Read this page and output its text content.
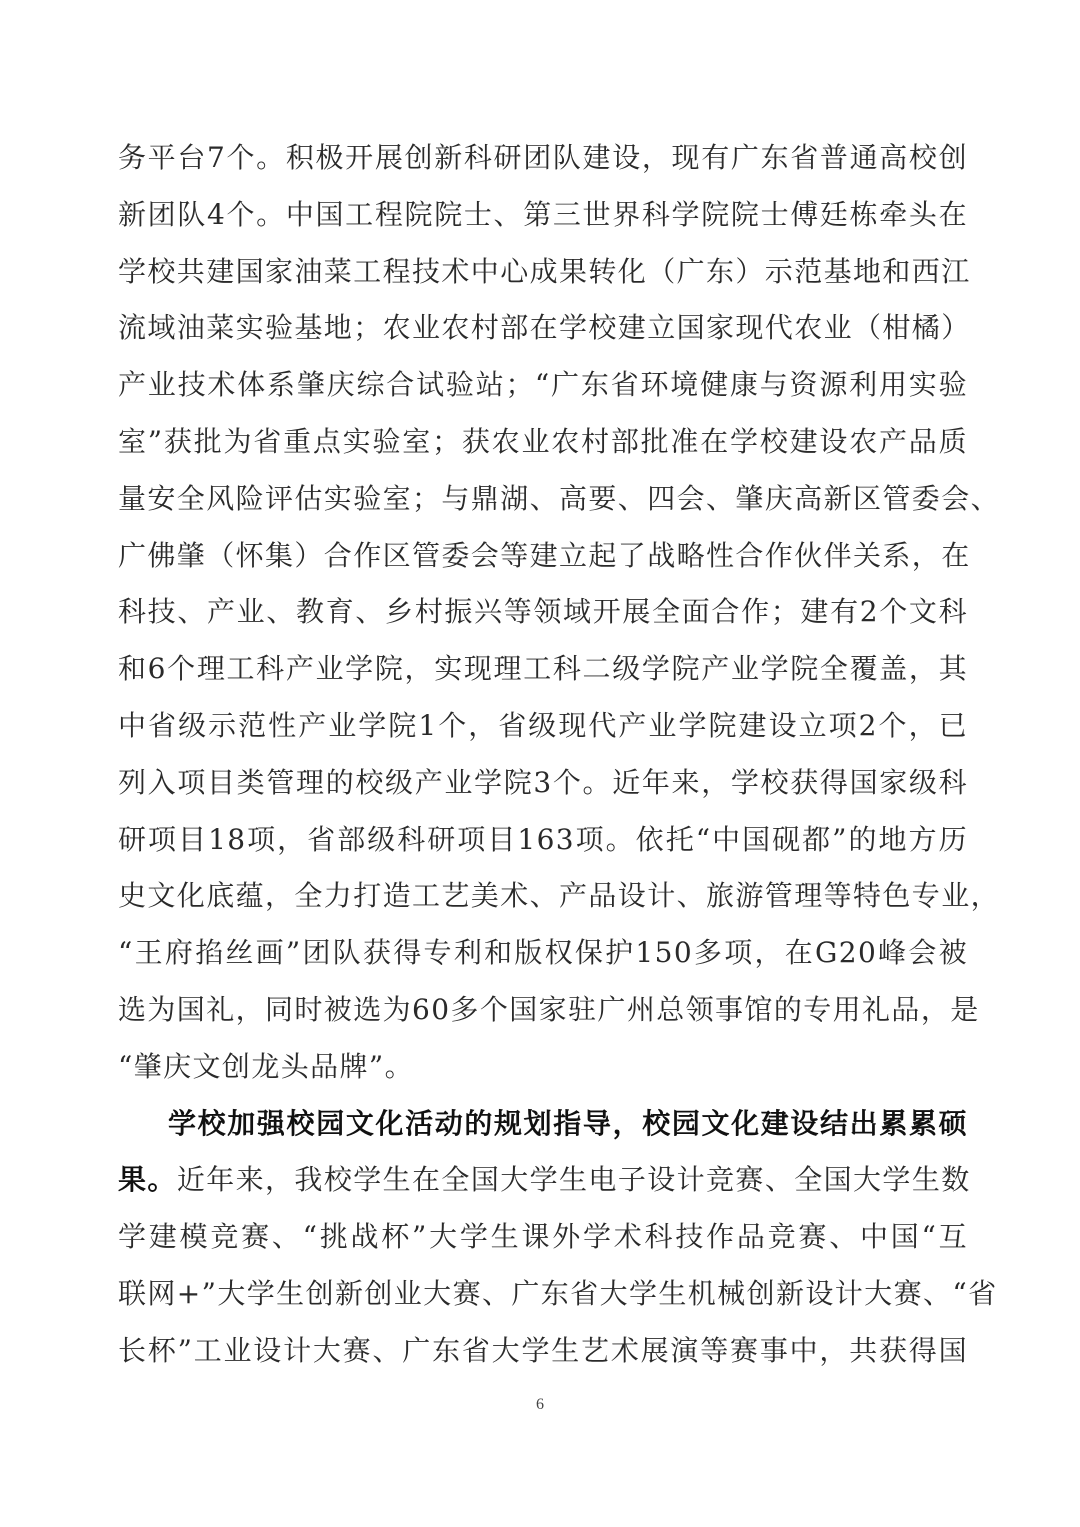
务平台7个。积极开展创新科研团队建设，现有广东省普通高校创
新团队4个。中国工程院院士、第三世界科学院院士傅廷栋牵头在
学校共建国家油菜工程技术中心成果转化（广东）示范基地和西江
流域油菜实验基地；农业农村部在学校建立国家现代农业（柑橘）
产业技术体系肇庆综合试验站；“广东省环境健康与资源利用实验
室”获批为省重点实验室；获农业农村部批准在学校建设农产品质
量安全风险评估实验室；与鼎湖、高要、四会、肇庆高新区管委会、
广佛肇（怀集）合作区管委会等建立起了战略性合作伙伴关系，在
科技、产业、教育、乡村振兴等领域开展全面合作；建有2个文科
和6个理工科产业学院，实现理工科二级学院产业学院全覆盖，其
中省级示范性产业学院1个，省级现代产业学院建设立项2个，已
列入项目类管理的校级产业学院3个。近年来，学校获得国家级科
研项目18项，省部级科研项目163项。依托“中国砚都”的地方历
史文化底蕴，全力打造工艺美术、产品设计、旅游管理等特色专业，
“王府掐丝画”团队获得专利和版权保护150多项，在G20峰会被
选为国礼，同时被选为60多个国家驻广州总领事馆的专用礼品，是
“肇庆文创龙头品牌”。
学校加强校园文化活动的规划指导，校园文化建设结出累累硕
果。近年来，我校学生在全国大学生电子设计竞赛、全国大学生数
学建模竞赛、“挑战杯”大学生课外学术科技作品竞赛、中国“互
联网+”大学生创新创业大赛、广东省大学生机械创新设计大赛、“省
长杯”工业设计大赛、广东省大学生艺术展演等赛事中，共获得国
6
